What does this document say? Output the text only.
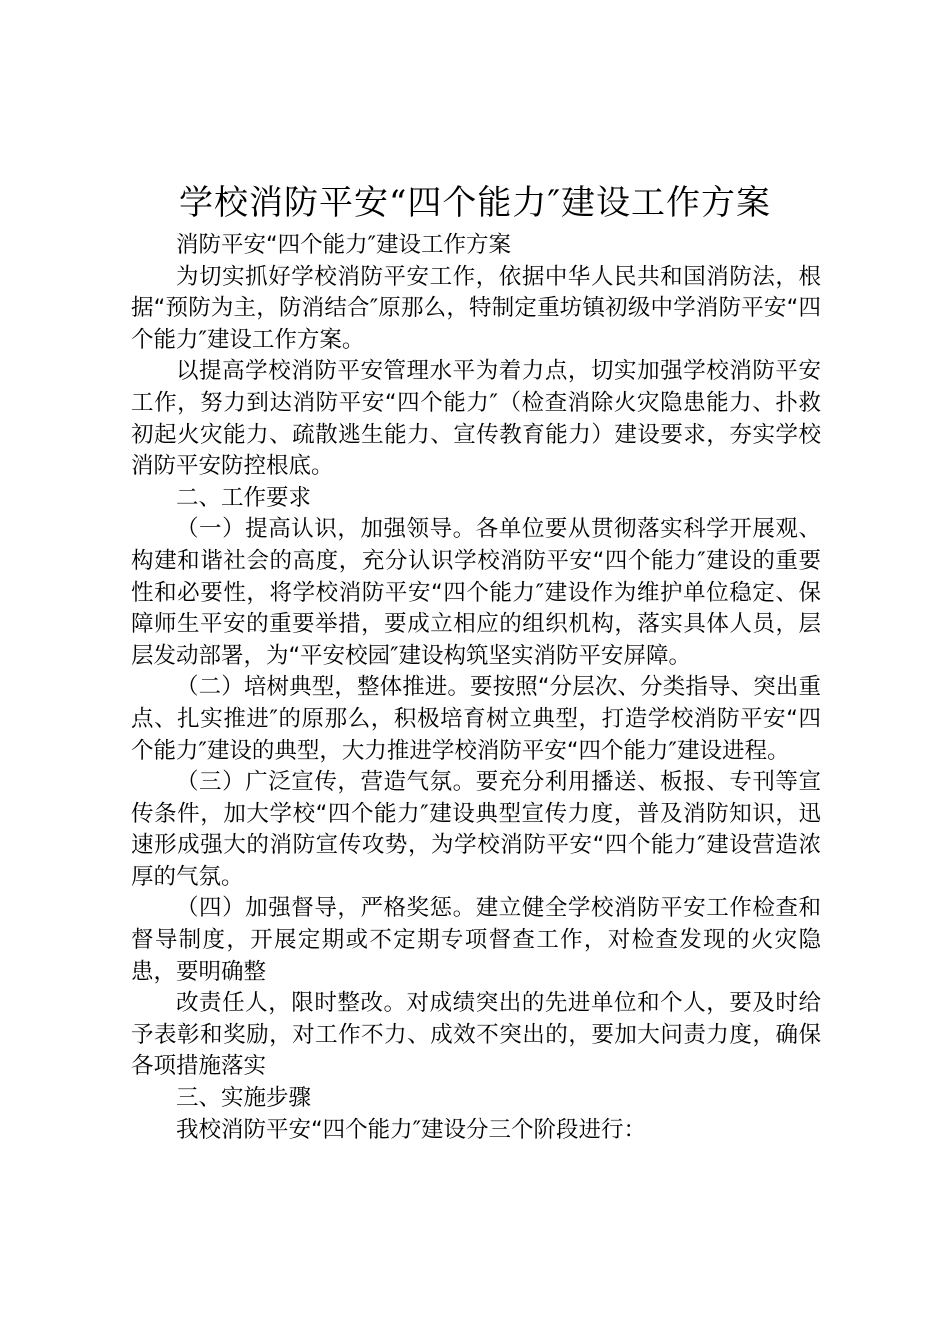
学校消防平安“四个能力″建设工作方案

消防平安“四个能力″建设工作方案

为切实抓好学校消防平安工作，依据中华人民共和国消防法，根据“预防为主，防消结合″原那么，特制定重坊镇初级中学消防平安“四个能力″建设工作方案。

以提高学校消防平安管理水平为着力点，切实加强学校消防平安工作，努力到达消防平安“四个能力″（检查消除火灾隐患能力、扑救初起火灾能力、疏散逃生能力、宣传教育能力）建设要求，夯实学校消防平安防控根底。

二、工作要求

（一）提高认识，加强领导。各单位要从贯彻落实科学开展观、构建和谐社会的高度，充分认识学校消防平安“四个能力″建设的重要性和必要性，将学校消防平安“四个能力″建设作为维护单位稳定、保障师生平安的重要举措，要成立相应的组织机构，落实具体人员，层层发动部署，为“平安校园″建设构筑坚实消防平安屏障。

（二）培树典型，整体推进。要按照“分层次、分类指导、突出重点、扎实推进″的原那么，积极培育树立典型，打造学校消防平安“四个能力″建设的典型，大力推进学校消防平安“四个能力″建设进程。

（三）广泛宣传，营造气氛。要充分利用播送、板报、专刊等宣传条件，加大学校“四个能力″建设典型宣传力度，普及消防知识，迅速形成强大的消防宣传攻势，为学校消防平安“四个能力″建设营造浓厚的气氛。

（四）加强督导，严格奖惩。建立健全学校消防平安工作检查和督导制度，开展定期或不定期专项督查工作，对检查发现的火灾隐患，要明确整

改责任人，限时整改。对成绩突出的先进单位和个人，要及时给予表彰和奖励，对工作不力、成效不突出的，要加大问责力度，确保各项措施落实

三、实施步骤

我校消防平安“四个能力″建设分三个阶段进行：
